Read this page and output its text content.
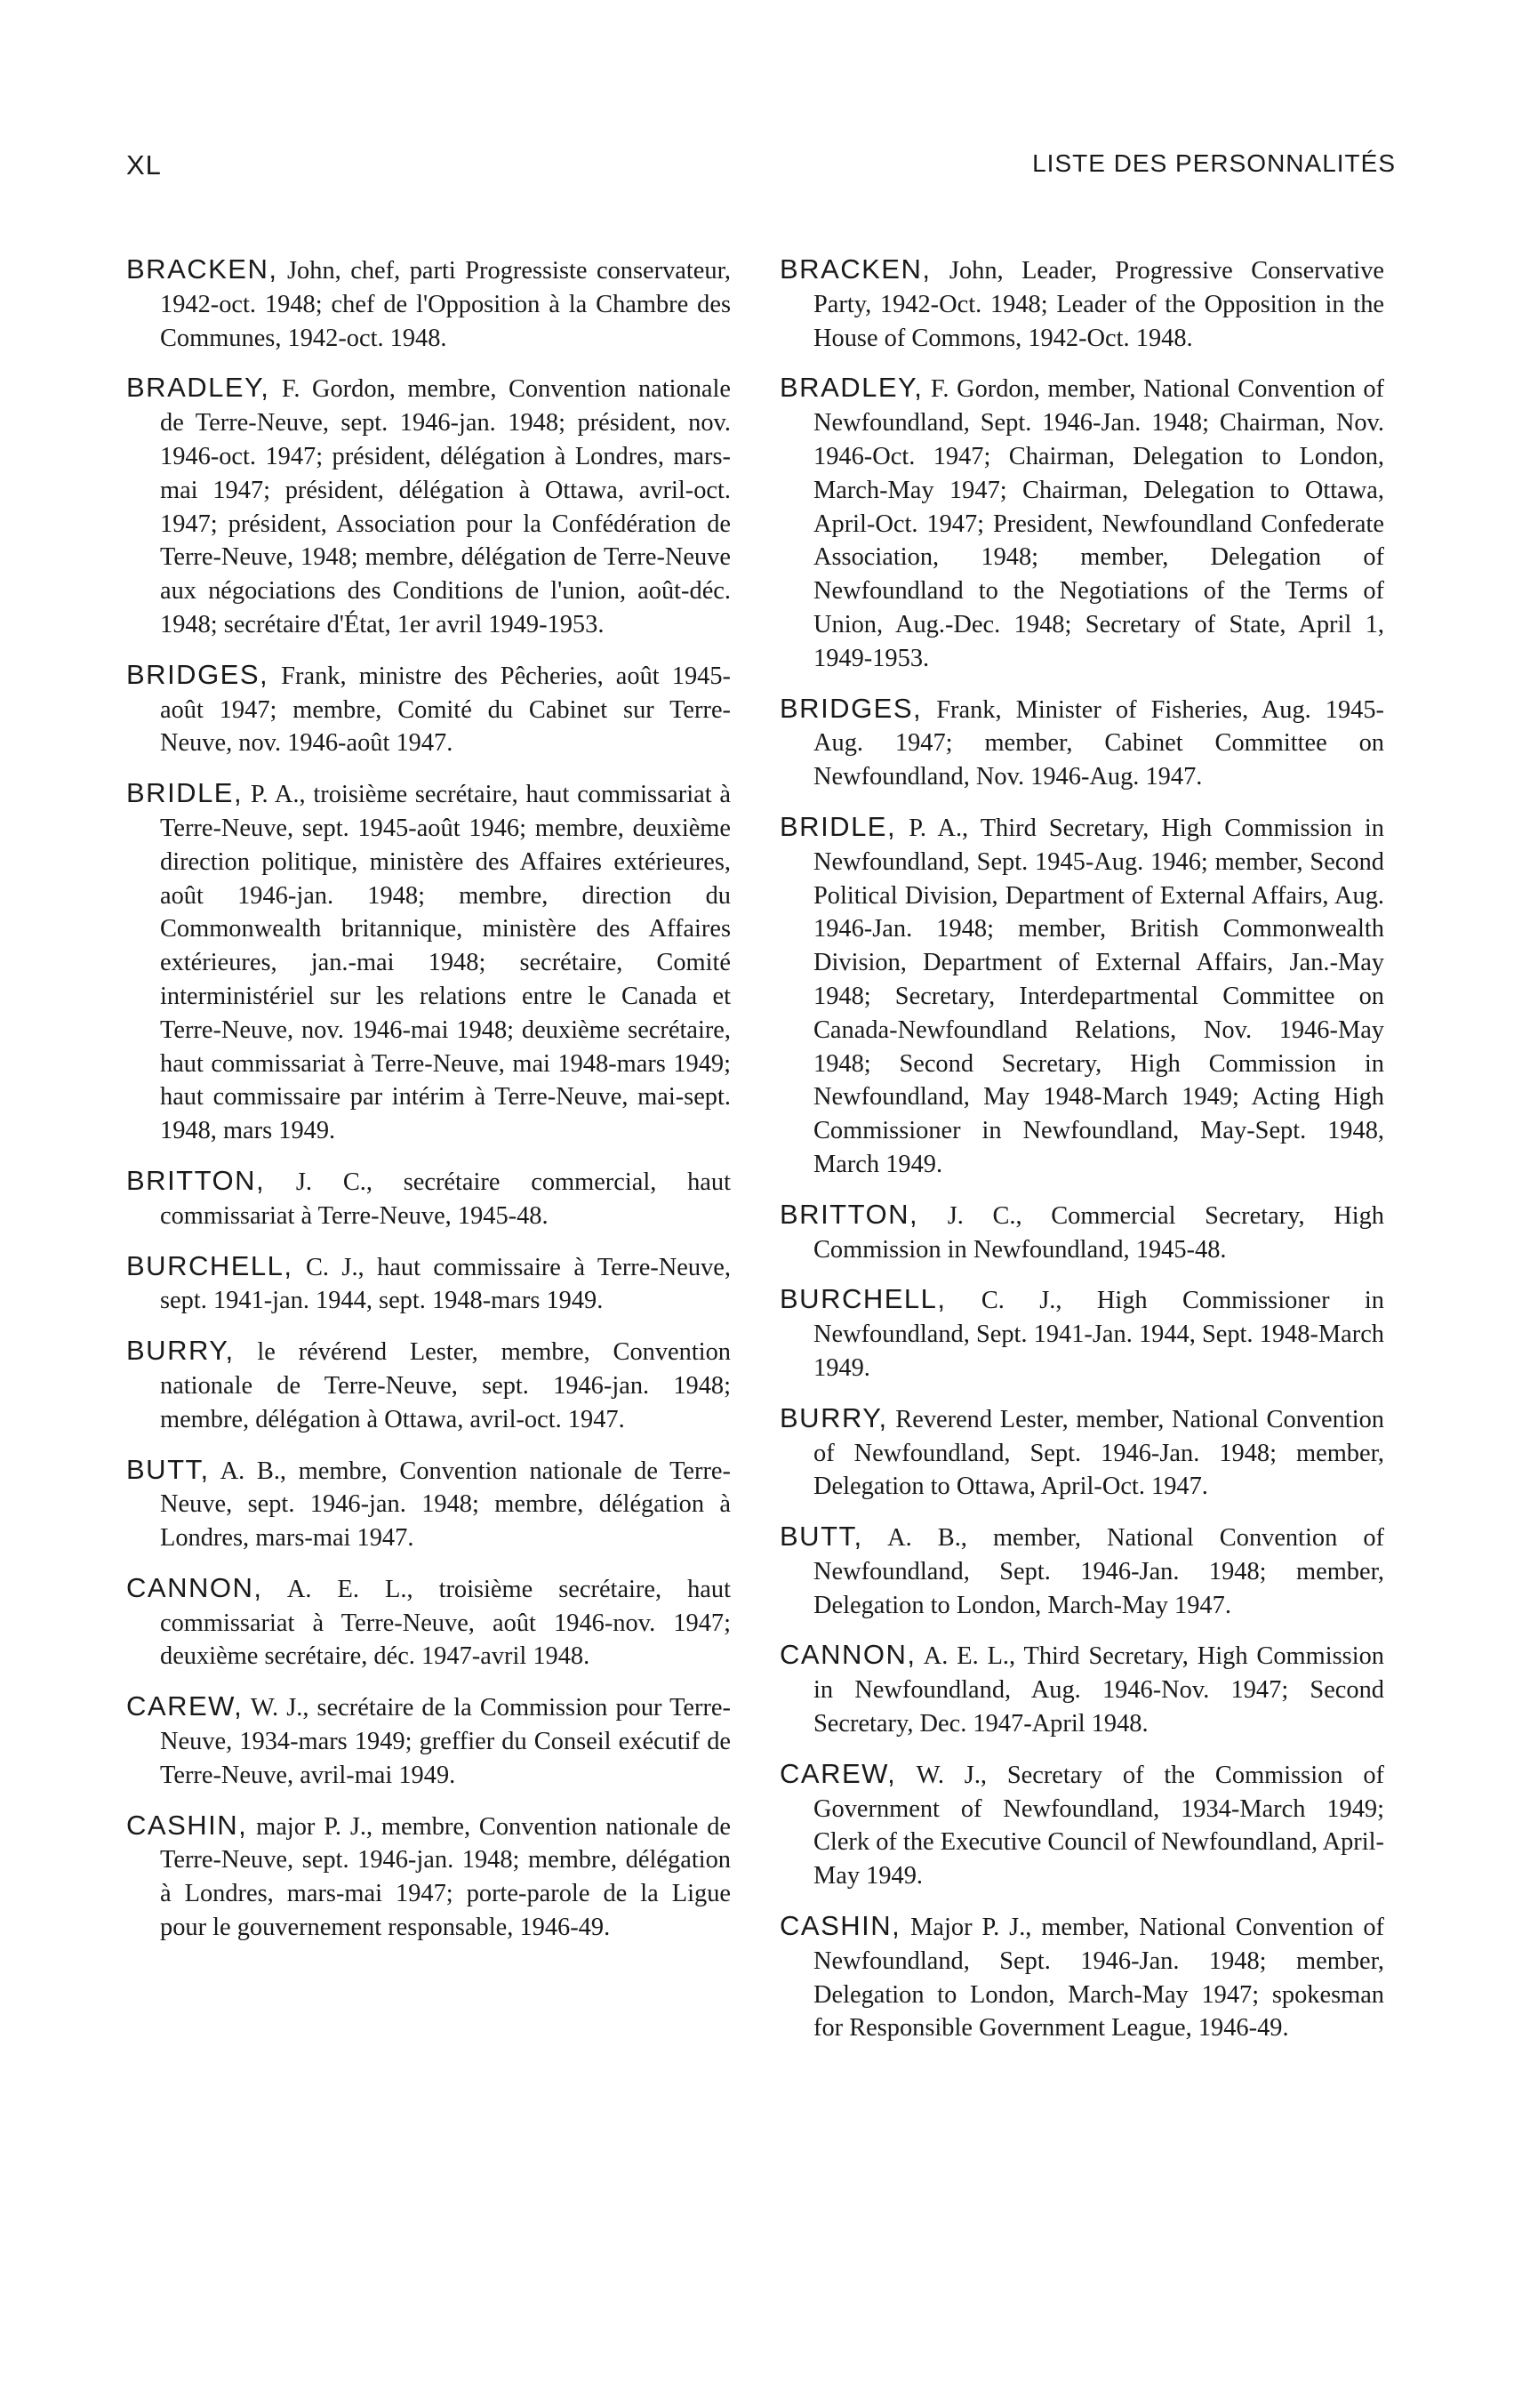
XL	LISTE DES PERSONNALITÉS

BRACKEN, John, chef, parti Progressiste conservateur, 1942-oct. 1948; chef de l'Opposition à la Chambre des Communes, 1942-oct. 1948.

BRADLEY, F. Gordon, membre, Convention nationale de Terre-Neuve, sept. 1946-jan. 1948; président, nov. 1946-oct. 1947; président, délégation à Londres, mars-mai 1947; président, délégation à Ottawa, avril-oct. 1947; président, Association pour la Confédération de Terre-Neuve, 1948; membre, délégation de Terre-Neuve aux négociations des Conditions de l'union, août-déc. 1948; secrétaire d'État, 1er avril 1949-1953.

BRIDGES, Frank, ministre des Pêcheries, août 1945-août 1947; membre, Comité du Cabinet sur Terre-Neuve, nov. 1946-août 1947.

BRIDLE, P. A., troisième secrétaire, haut commissariat à Terre-Neuve, sept. 1945-août 1946; membre, deuxième direction politique, ministère des Affaires extérieures, août 1946-jan. 1948; membre, direction du Commonwealth britannique, ministère des Affaires extérieures, jan.-mai 1948; secrétaire, Comité interministériel sur les relations entre le Canada et Terre-Neuve, nov. 1946-mai 1948; deuxième secrétaire, haut commissariat à Terre-Neuve, mai 1948-mars 1949; haut commissaire par intérim à Terre-Neuve, mai-sept. 1948, mars 1949.

BRITTON, J. C., secrétaire commercial, haut commissariat à Terre-Neuve, 1945-48.

BURCHELL, C. J., haut commissaire à Terre-Neuve, sept. 1941-jan. 1944, sept. 1948-mars 1949.

BURRY, le révérend Lester, membre, Convention nationale de Terre-Neuve, sept. 1946-jan. 1948; membre, délégation à Ottawa, avril-oct. 1947.

BUTT, A. B., membre, Convention nationale de Terre-Neuve, sept. 1946-jan. 1948; membre, délégation à Londres, mars-mai 1947.

CANNON, A. E. L., troisième secrétaire, haut commissariat à Terre-Neuve, août 1946-nov. 1947; deuxième secrétaire, déc. 1947-avril 1948.

CAREW, W. J., secrétaire de la Commission pour Terre-Neuve, 1934-mars 1949; greffier du Conseil exécutif de Terre-Neuve, avril-mai 1949.

CASHIN, major P. J., membre, Convention nationale de Terre-Neuve, sept. 1946-jan. 1948; membre, délégation à Londres, mars-mai 1947; porte-parole de la Ligue pour le gouvernement responsable, 1946-49.

BRACKEN, John, Leader, Progressive Conservative Party, 1942-Oct. 1948; Leader of the Opposition in the House of Commons, 1942-Oct. 1948.

BRADLEY, F. Gordon, member, National Convention of Newfoundland, Sept. 1946-Jan. 1948; Chairman, Nov. 1946-Oct. 1947; Chairman, Delegation to London, March-May 1947; Chairman, Delegation to Ottawa, April-Oct. 1947; President, Newfoundland Confederate Association, 1948; member, Delegation of Newfoundland to the Negotiations of the Terms of Union, Aug.-Dec. 1948; Secretary of State, April 1, 1949-1953.

BRIDGES, Frank, Minister of Fisheries, Aug. 1945-Aug. 1947; member, Cabinet Committee on Newfoundland, Nov. 1946-Aug. 1947.

BRIDLE, P. A., Third Secretary, High Commission in Newfoundland, Sept. 1945-Aug. 1946; member, Second Political Division, Department of External Affairs, Aug. 1946-Jan. 1948; member, British Commonwealth Division, Department of External Affairs, Jan.-May 1948; Secretary, Interdepartmental Committee on Canada-Newfoundland Relations, Nov. 1946-May 1948; Second Secretary, High Commission in Newfoundland, May 1948-March 1949; Acting High Commissioner in Newfoundland, May-Sept. 1948, March 1949.

BRITTON, J. C., Commercial Secretary, High Commission in Newfoundland, 1945-48.

BURCHELL, C. J., High Commissioner in Newfoundland, Sept. 1941-Jan. 1944, Sept. 1948-March 1949.

BURRY, Reverend Lester, member, National Convention of Newfoundland, Sept. 1946-Jan. 1948; member, Delegation to Ottawa, April-Oct. 1947.

BUTT, A. B., member, National Convention of Newfoundland, Sept. 1946-Jan. 1948; member, Delegation to London, March-May 1947.

CANNON, A. E. L., Third Secretary, High Commission in Newfoundland, Aug. 1946-Nov. 1947; Second Secretary, Dec. 1947-April 1948.

CAREW, W. J., Secretary of the Commission of Government of Newfoundland, 1934-March 1949; Clerk of the Executive Council of Newfoundland, April-May 1949.

CASHIN, Major P. J., member, National Convention of Newfoundland, Sept. 1946-Jan. 1948; member, Delegation to London, March-May 1947; spokesman for Responsible Government League, 1946-49.
